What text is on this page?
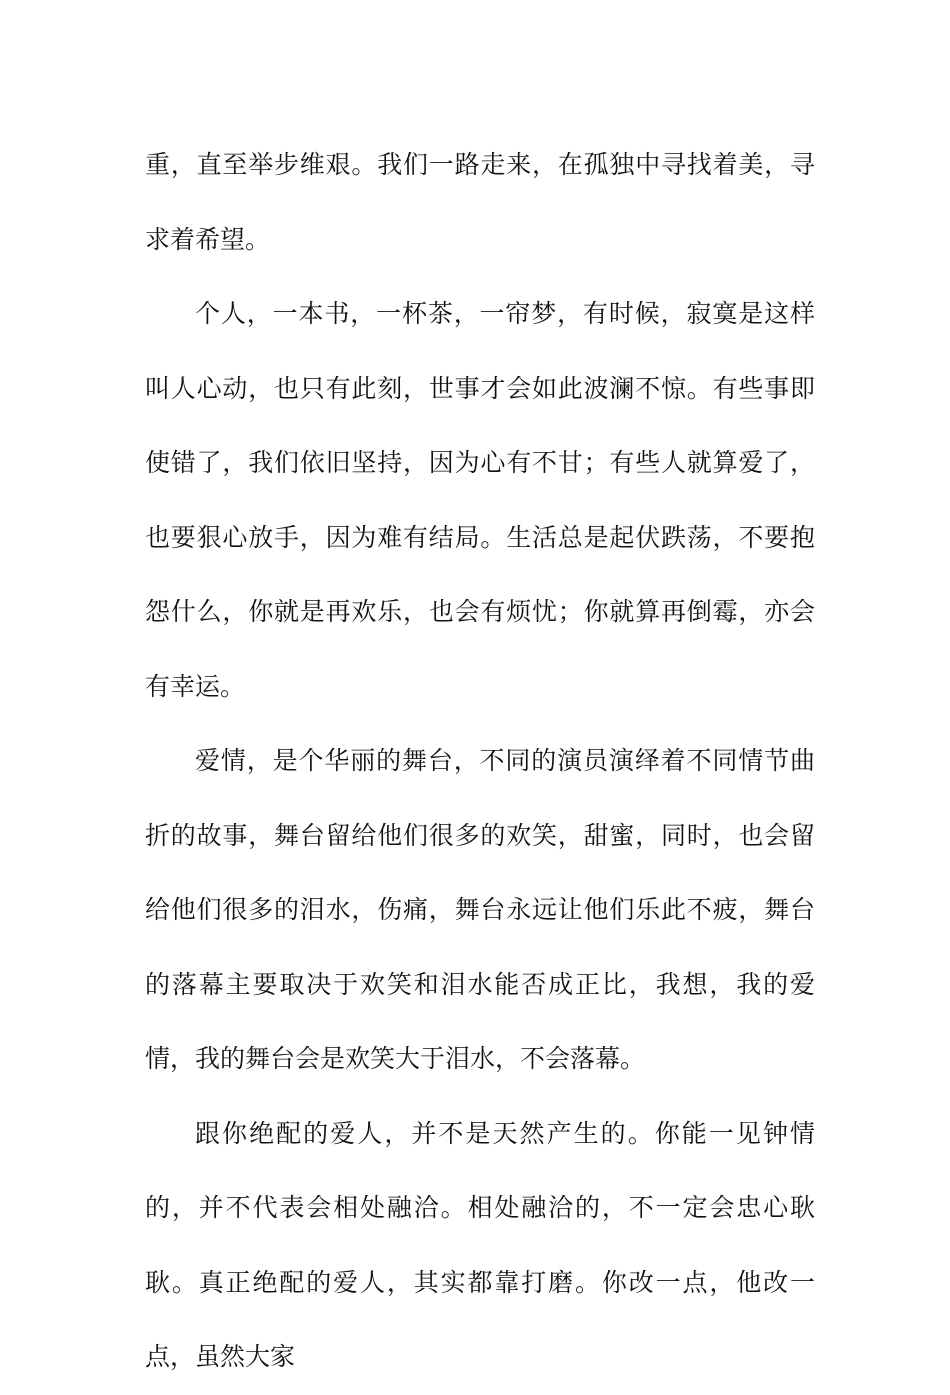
重，直至举步维艰。我们一路走来，在孤独中寻找着美，寻求着希望。

个人，一本书，一杯茶，一帘梦，有时候，寂寞是这样叫人心动，也只有此刻，世事才会如此波澜不惊。有些事即使错了，我们依旧坚持，因为心有不甘；有些人就算爱了，也要狠心放手，因为难有结局。生活总是起伏跌荡，不要抱怨什么，你就是再欢乐，也会有烦忧；你就算再倒霉，亦会有幸运。

爱情，是个华丽的舞台，不同的演员演绎着不同情节曲折的故事，舞台留给他们很多的欢笑，甜蜜，同时，也会留给他们很多的泪水，伤痛，舞台永远让他们乐此不疲，舞台的落幕主要取决于欢笑和泪水能否成正比，我想，我的爱情，我的舞台会是欢笑大于泪水，不会落幕。

跟你绝配的爱人，并不是天然产生的。你能一见钟情的，并不代表会相处融洽。相处融洽的，不一定会忠心耿耿。真正绝配的爱人，其实都靠打磨。你改一点，他改一点，虽然大家
